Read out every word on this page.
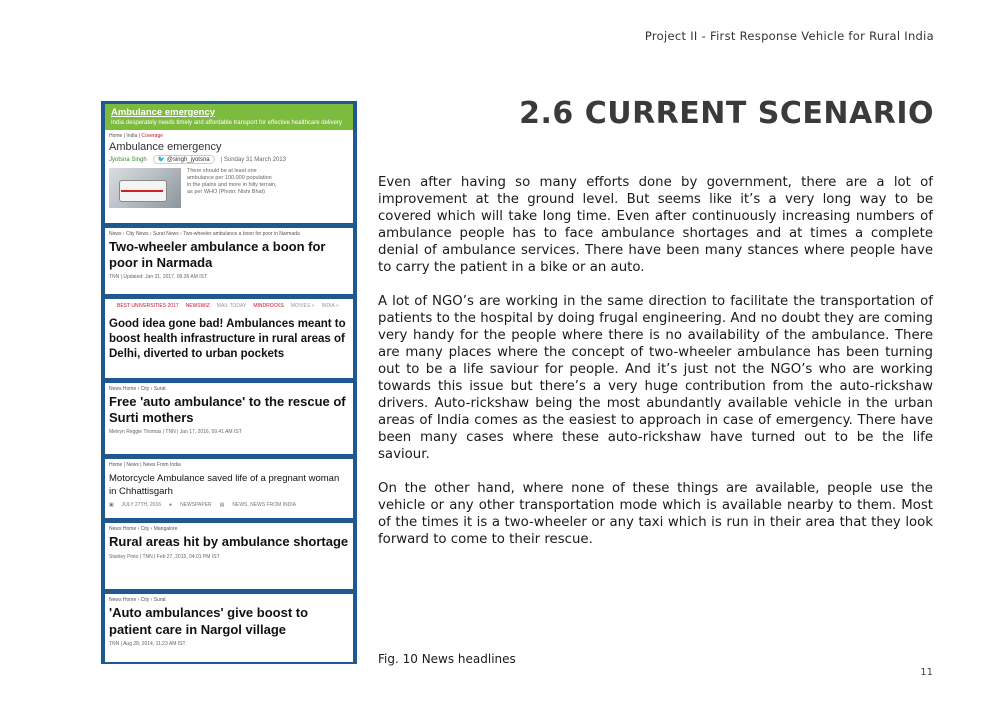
Project II - First Response Vehicle for Rural India
2.6 CURRENT SCENARIO
Ambulance emergency
India desperately needs timely and affordable transport for effective healthcare delivery
Home | India | Coverage
Ambulance emergency
Jyotsna Singh	🐦 @singh_jyotsna	| Sunday 31 March 2013
There should be at least one ambulance per 100,000 population in the plains and more in hilly terrain, as per WHO (Photo: Nishi Bhat)
News › City News › Surat News › Two-wheeler ambulance a boon for poor in Narmada
Two-wheeler ambulance a boon for poor in Narmada
TNN | Updated: Jan 31, 2017, 09.36 AM IST
BEST UNIVERSITIES 2017 NEWSWIZ MAIL TODAY MINDROCKS MOVIES » INDIA »
Good idea gone bad! Ambulances meant to boost health infrastructure in rural areas of Delhi, diverted to urban pockets
News Home › City › Surat
Free 'auto ambulance' to the rescue of Surti mothers
Melvyn Reggie Thomas | TNN | Jan 17, 2016, 09.41 AM IST
Home | News | News From India
Motorcycle Ambulance saved life of a pregnant woman in Chhattisgarh
▣ JULY 27TH, 2016 ● NEWSPAPER ▤ NEWS, NEWS FROM INDIA
News Home › City › Mangalore
Rural areas hit by ambulance shortage
Stanley Pinto | TNN | Feb 27, 2015, 04.01 PM IST
News Home › City › Surat
'Auto ambulances' give boost to patient care in Nargol village
TNN | Aug 28, 2014, 11.23 AM IST

Even after having so many efforts done by government, there are a lot of improvement at the ground level. But seems like it’s a very long way to be covered which will take long time. Even after continuously increasing numbers of ambulance people has to face ambulance shortages and at times a complete denial of ambulance services. There have been many stances where people have to carry the patient in a bike or an auto.

A lot of NGO’s are working in the same direction to facilitate the transportation of patients to the hospital by doing frugal engineering. And no doubt they are coming very handy for the people where there is no availability of the ambulance. There are many places where the concept of two-wheeler ambulance has been turning out to be a life saviour for people. And it’s just not the NGO’s who are working towards this issue but there’s a very huge contribution from the auto-rickshaw drivers. Auto-rickshaw being the most abundantly available vehicle in the urban areas of India comes as the easiest to approach in case of emergency. There have been many cases where these auto-rickshaw have turned out to be the life saviour.

On the other hand, where none of these things are available, people use the vehicle or any other transportation mode which is available nearby to them. Most of the times it is a two-wheeler or any taxi which is run in their area that they look forward to come to their rescue.

Fig. 10 News headlines
11
